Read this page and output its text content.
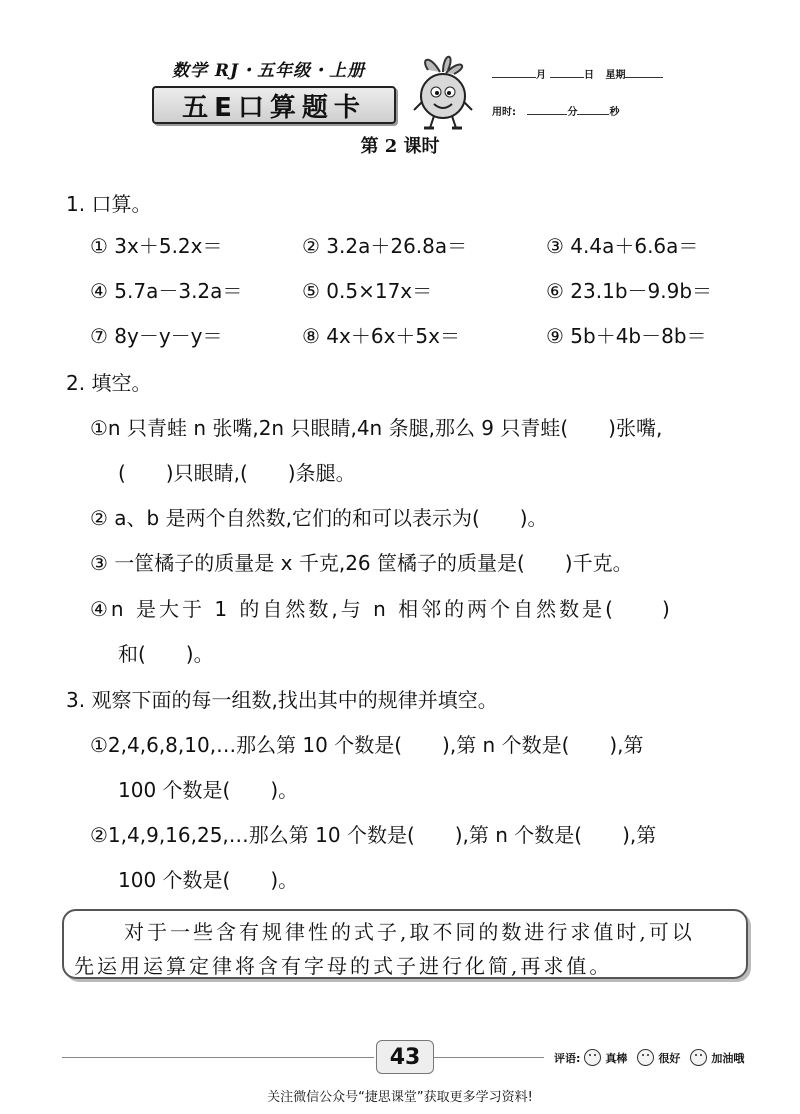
数学 RJ・五年级・上册
五E口算题卡
月	日 星期
用时:	分	秒
第 2 课时
1. 口算。
① 3x＋5.2x＝	② 3.2a＋26.8a＝	③ 4.4a＋6.6a＝
④ 5.7a－3.2a＝	⑤ 0.5×17x＝	⑥ 23.1b－9.9b＝
⑦ 8y－y－y＝	⑧ 4x＋6x＋5x＝	⑨ 5b＋4b－8b＝
2. 填空。
①n 只青蛙 n 张嘴,2n 只眼睛,4n 条腿,那么 9 只青蛙(　　)张嘴,
(　　)只眼睛,(　　)条腿。
② a、b 是两个自然数,它们的和可以表示为(　　)。
③ 一筐橘子的质量是 x 千克,26 筐橘子的质量是(　　)千克。
④n 是大于 1 的自然数,与 n 相邻的两个自然数是(　　)
和(　　)。
3. 观察下面的每一组数,找出其中的规律并填空。
①2,4,6,8,10,…那么第 10 个数是(　　),第 n 个数是(　　),第
100 个数是(　　)。
②1,4,9,16,25,…那么第 10 个数是(　　),第 n 个数是(　　),第
100 个数是(　　)。
对于一些含有规律性的式子,取不同的数进行求值时,可以
先运用运算定律将含有字母的式子进行化简,再求值。
43	评语: 真棒	很好	加油哦
关注微信公众号“捷思课堂”获取更多学习资料!
